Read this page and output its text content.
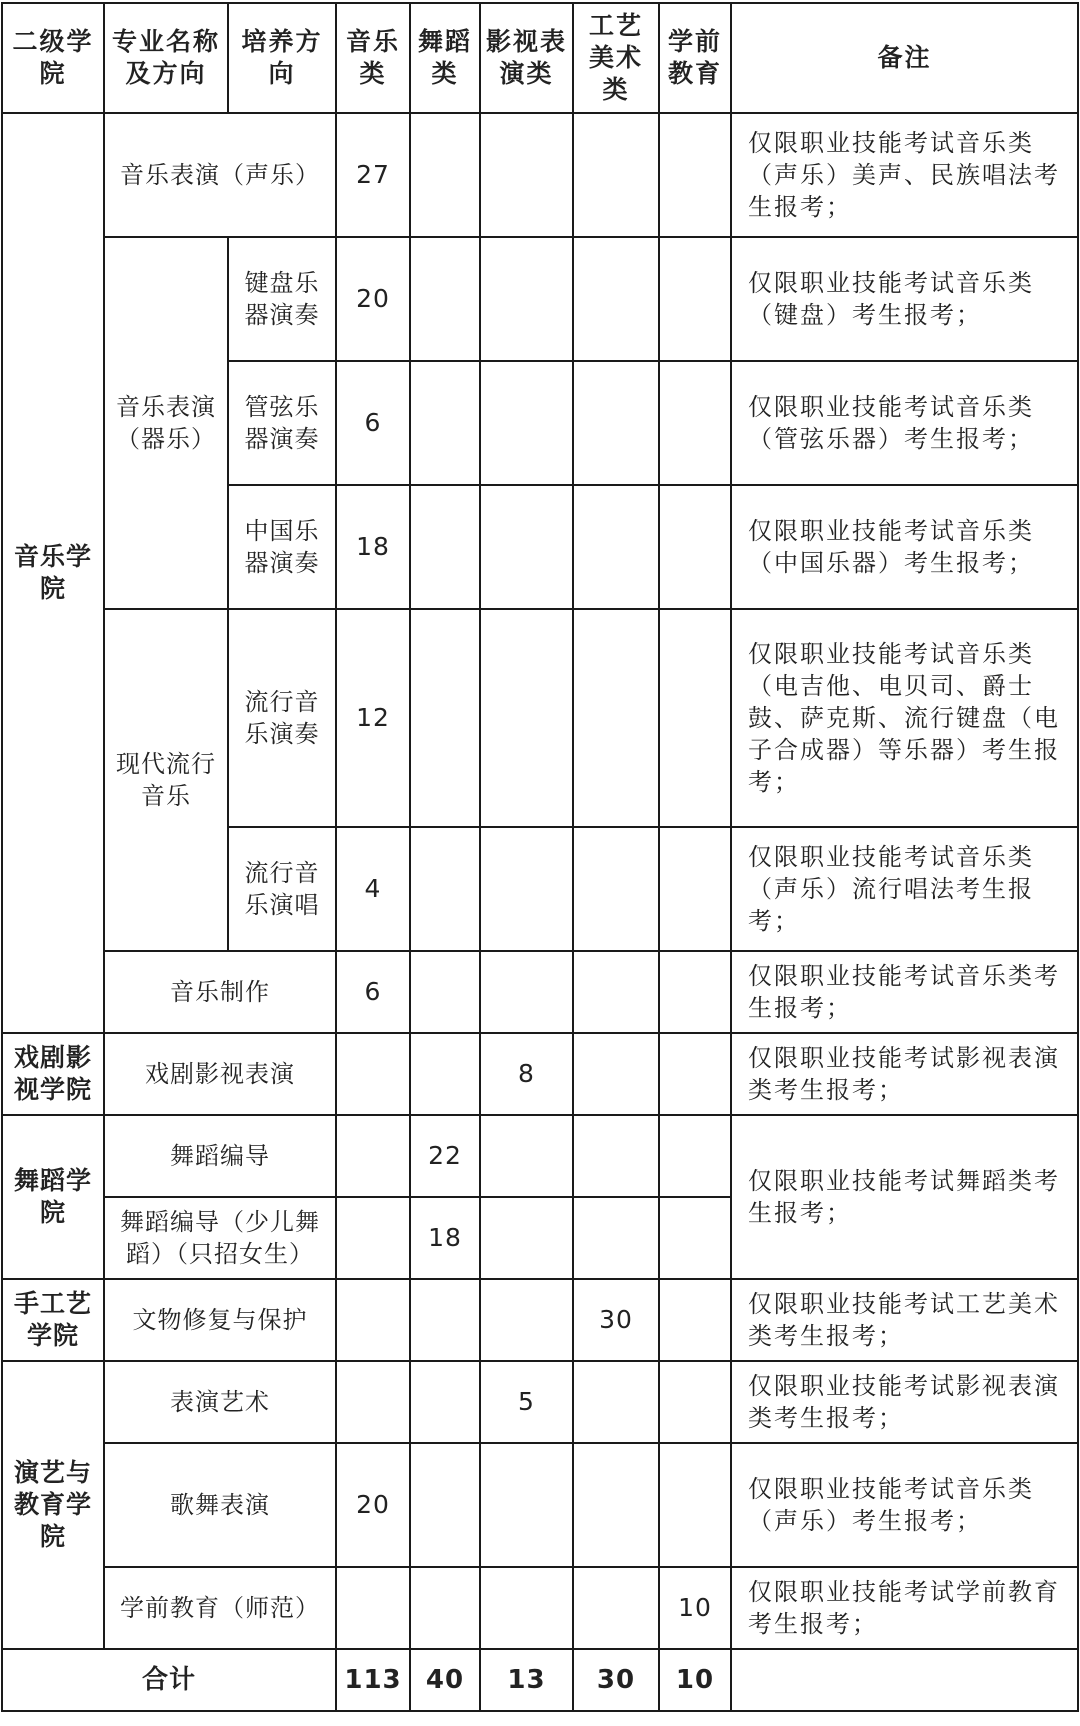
二级学院	专业名称及方向	培养方向	音乐类	舞蹈类	影视表演类	工艺美术类	学前教育	备注
音乐学院	音乐表演（声乐）		27					仅限职业技能考试音乐类（声乐）美声、民族唱法考生报考；
	音乐表演（器乐）	键盘乐器演奏	20					仅限职业技能考试音乐类（键盘）考生报考；
		管弦乐器演奏	6					仅限职业技能考试音乐类（管弦乐器）考生报考；
		中国乐器演奏	18					仅限职业技能考试音乐类（中国乐器）考生报考；
	现代流行音乐	流行音乐演奏	12					仅限职业技能考试音乐类（电吉他、电贝司、爵士鼓、萨克斯、流行键盘（电子合成器）等乐器）考生报考；
		流行音乐演唱	4					仅限职业技能考试音乐类（声乐）流行唱法考生报考；
	音乐制作		6					仅限职业技能考试音乐类考生报考；
戏剧影视学院	戏剧影视表演				8			仅限职业技能考试影视表演类考生报考；
舞蹈学院	舞蹈编导			22				仅限职业技能考试舞蹈类考生报考；
	舞蹈编导（少儿舞蹈）（只招女生）			18				
手工艺学院	文物修复与保护					30		仅限职业技能考试工艺美术类考生报考；
演艺与教育学院	表演艺术				5			仅限职业技能考试影视表演类考生报考；
	歌舞表演		20					仅限职业技能考试音乐类（声乐）考生报考；
	学前教育（师范）						10	仅限职业技能考试学前教育考生报考；
合计			113	40	13	30	10	
